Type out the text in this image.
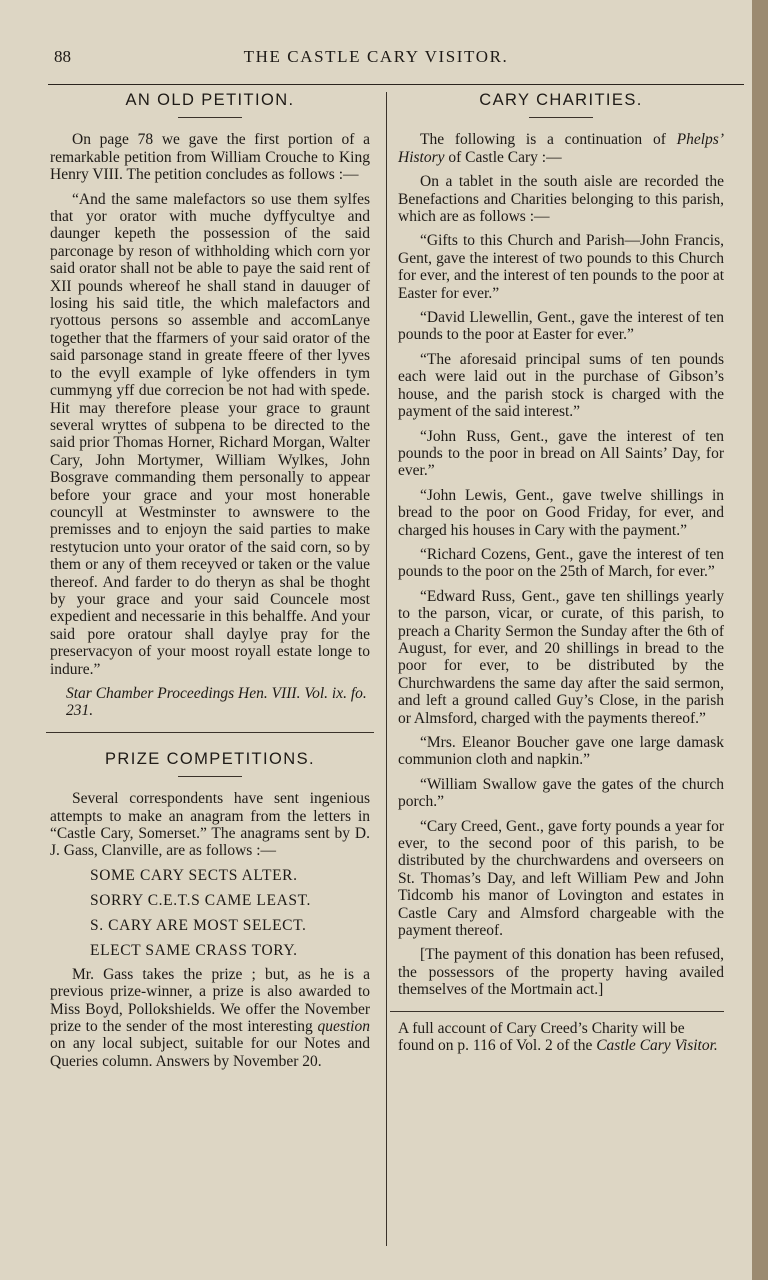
88	THE CASTLE CARY VISITOR.
AN OLD PETITION.

On page 78 we gave the first portion of a remarkable petition from William Crouche to King Henry VIII. The petition concludes as follows :—

“And the same malefactors so use them sylfes that yor orator with muche dyffycultye and daunger kepeth the possession of the said parconage by reson of withholding which corn yor said orator shall not be able to paye the said rent of XII pounds whereof he shall stand in dauuger of losing his said title, the which malefactors and ryottous persons so assemble and accomLanye together that the ffarmers of your said orator of the said parsonage stand in greate ffeere of ther lyves to the evyll example of lyke offenders in tym cummyng yff due correcion be not had with spede. Hit may therefore please your grace to graunt several wryttes of subpena to be directed to the said prior Thomas Horner, Richard Morgan, Walter Cary, John Mortymer, William Wylkes, John Bosgrave commanding them personally to appear before your grace and your most honerable councyll at Westminster to awnswere to the premisses and to enjoyn the said parties to make restytucion unto your orator of the said corn, so by them or any of them receyved or taken or the value thereof. And farder to do theryn as shal be thoght by your grace and your said Councele most expedient and necessarie in this behalffe. And your said pore oratour shall daylye pray for the preservacyon of your moost royall estate longe to indure.”

Star Chamber Proceedings Hen. VIII. Vol. ix. fo. 231.

PRIZE COMPETITIONS.

Several correspondents have sent ingenious attempts to make an anagram from the letters in “Castle Cary, Somerset.” The anagrams sent by D. J. Gass, Clanville, are as follows :—

SOME CARY SECTS ALTER.

SORRY C.E.T.S CAME LEAST.

S. CARY ARE MOST SELECT.

ELECT SAME CRASS TORY.

Mr. Gass takes the prize ; but, as he is a previous prize-winner, a prize is also awarded to Miss Boyd, Pollokshields. We offer the November prize to the sender of the most interesting question on any local subject, suitable for our Notes and Queries column. Answers by November 20.

CARY CHARITIES.

The following is a continuation of Phelps’ History of Castle Cary :—

On a tablet in the south aisle are recorded the Benefactions and Charities belonging to this parish, which are as follows :—

“Gifts to this Church and Parish—John Francis, Gent, gave the interest of two pounds to this Church for ever, and the interest of ten pounds to the poor at Easter for ever.”

“David Llewellin, Gent., gave the interest of ten pounds to the poor at Easter for ever.”

“The aforesaid principal sums of ten pounds each were laid out in the purchase of Gibson’s house, and the parish stock is charged with the payment of the said interest.”

“John Russ, Gent., gave the interest of ten pounds to the poor in bread on All Saints’ Day, for ever.”

“John Lewis, Gent., gave twelve shillings in bread to the poor on Good Friday, for ever, and charged his houses in Cary with the payment.”

“Richard Cozens, Gent., gave the interest of ten pounds to the poor on the 25th of March, for ever.”

“Edward Russ, Gent., gave ten shillings yearly to the parson, vicar, or curate, of this parish, to preach a Charity Sermon the Sunday after the 6th of August, for ever, and 20 shillings in bread to the poor for ever, to be distributed by the Churchwardens the same day after the said sermon, and left a ground called Guy’s Close, in the parish or Almsford, charged with the payments thereof.”

“Mrs. Eleanor Boucher gave one large damask communion cloth and napkin.”

“William Swallow gave the gates of the church porch.”

“Cary Creed, Gent., gave forty pounds a year for ever, to the second poor of this parish, to be distributed by the churchwardens and overseers on St. Thomas’s Day, and left William Pew and John Tidcomb his manor of Lovington and estates in Castle Cary and Almsford chargeable with the payment thereof.

[The payment of this donation has been refused, the possessors of the property having availed themselves of the Mortmain act.]

A full account of Cary Creed’s Charity will be found on p. 116 of Vol. 2 of the Castle Cary Visitor.
